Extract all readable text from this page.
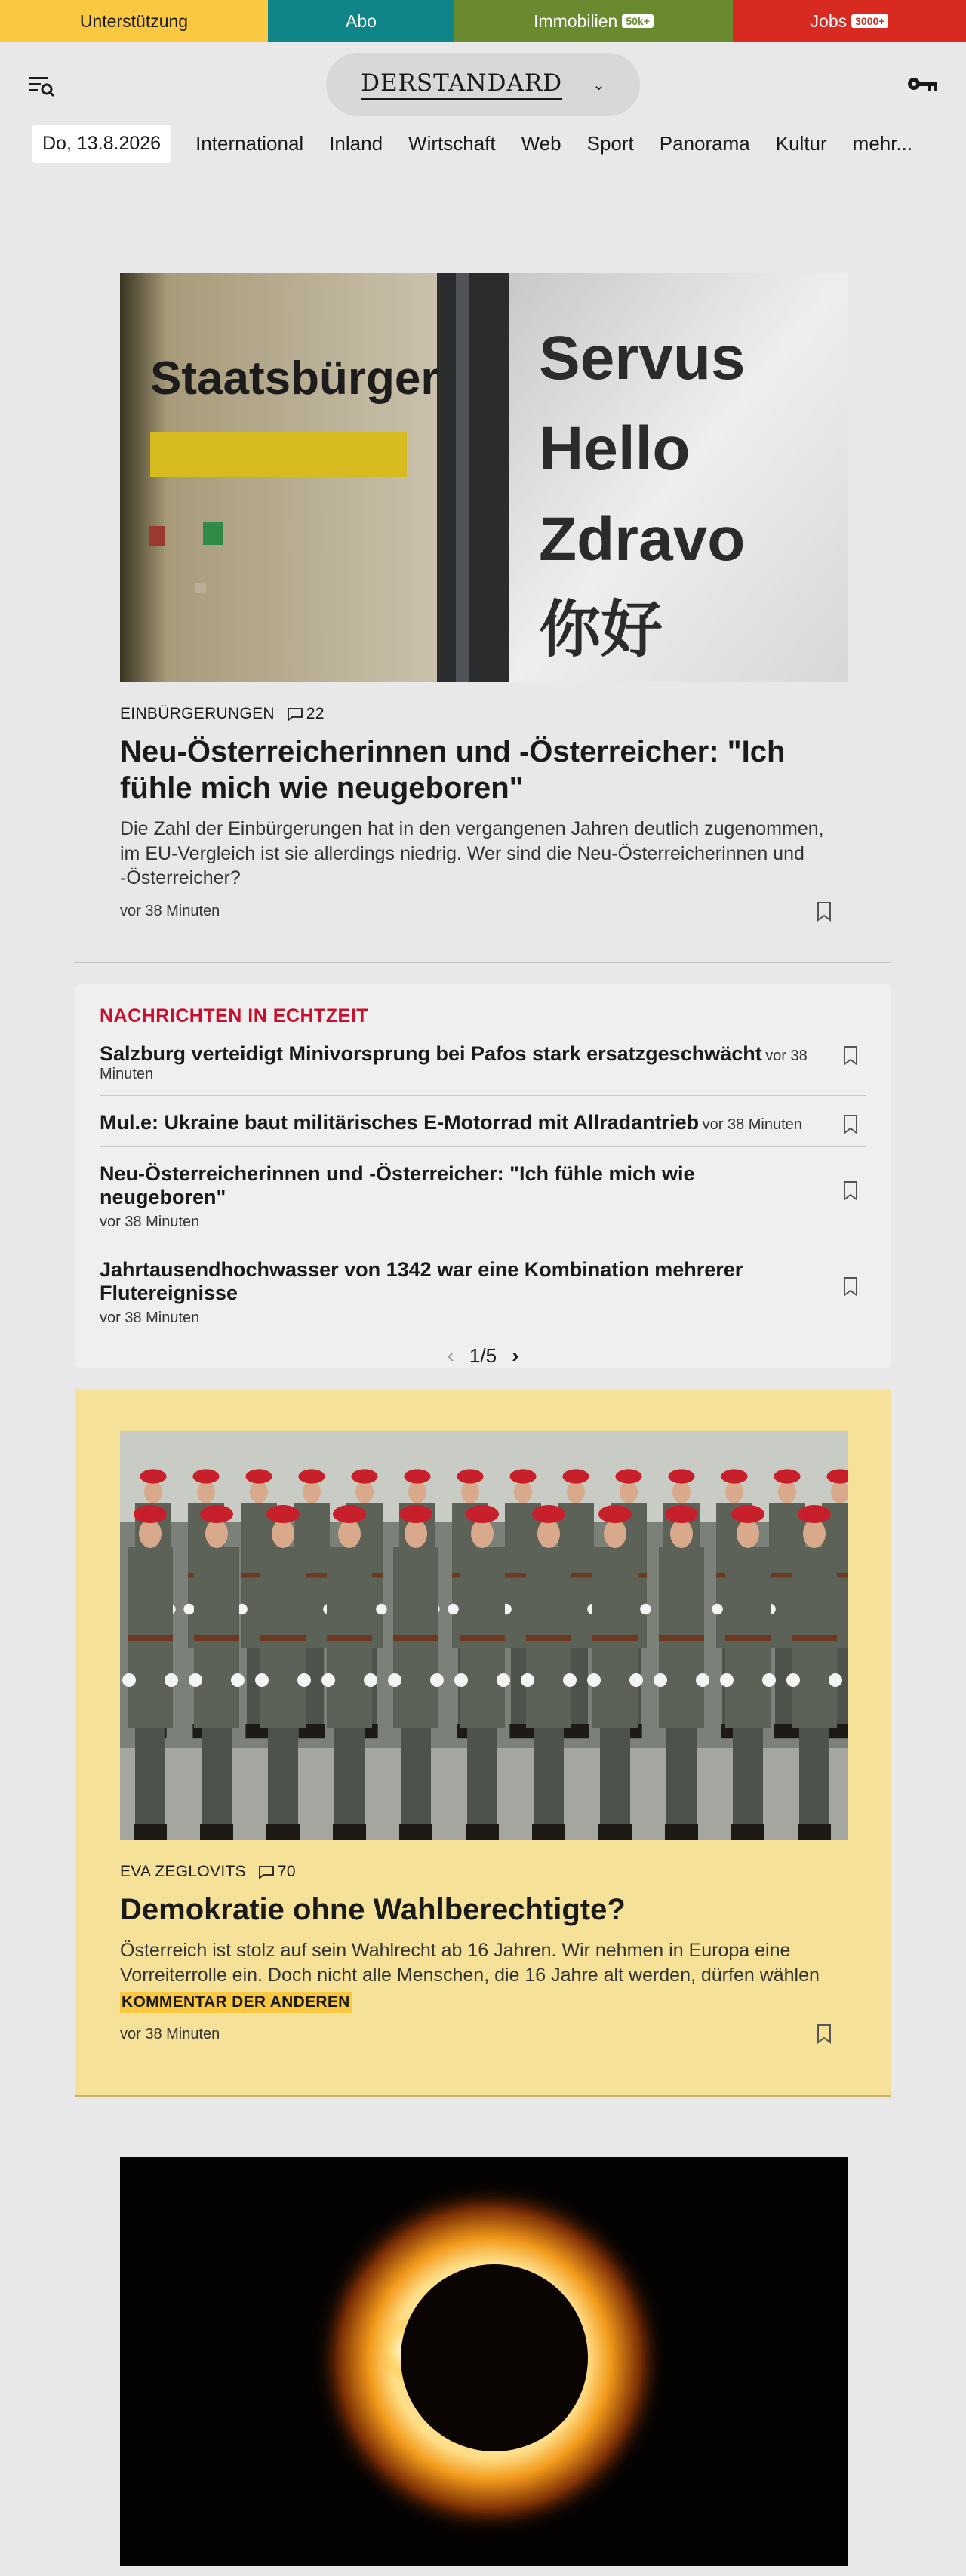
Unterstützung	Abo	Immobilien 50k+	Jobs 3000+
DERSTANDARD ⌄
Do, 13.8.2026	International Inland Wirtschaft Web Sport Panorama Kultur mehr...
Staatsbürger Servus
Hello
Zdravo
你好
EINBÜRGERUNGEN 22
Neu-Österreicherinnen und -Österreicher: "Ich fühle mich wie neugeboren"

Die Zahl der Einbürgerungen hat in den vergangenen Jahren deutlich zugenommen, im EU-Vergleich ist sie allerdings niedrig. Wer sind die Neu-Österreicherinnen und -Österreicher?

vor 38 Minuten
NACHRICHTEN IN ECHTZEIT
Salzburg verteidigt Minivorsprung bei Pafos stark ersatzgeschwächt vor 38 Minuten
Mul.e: Ukraine baut militärisches E-Motorrad mit Allradantrieb vor 38 Minuten
Neu-Österreicherinnen und -Österreicher: "Ich fühle mich wie neugeboren"
vor 38 Minuten
Jahrtausendhochwasser von 1342 war eine Kombination mehrerer Flutereignisse
vor 38 Minuten
‹ 1/5 ›
EVA ZEGLOVITS 70
Demokratie ohne Wahlberechtigte?

Österreich ist stolz auf sein Wahlrecht ab 16 Jahren. Wir nehmen in Europa eine Vorreiterrolle ein. Doch nicht alle Menschen, die 16 Jahre alt werden, dürfen wählen

KOMMENTAR DER ANDEREN
vor 38 Minuten
